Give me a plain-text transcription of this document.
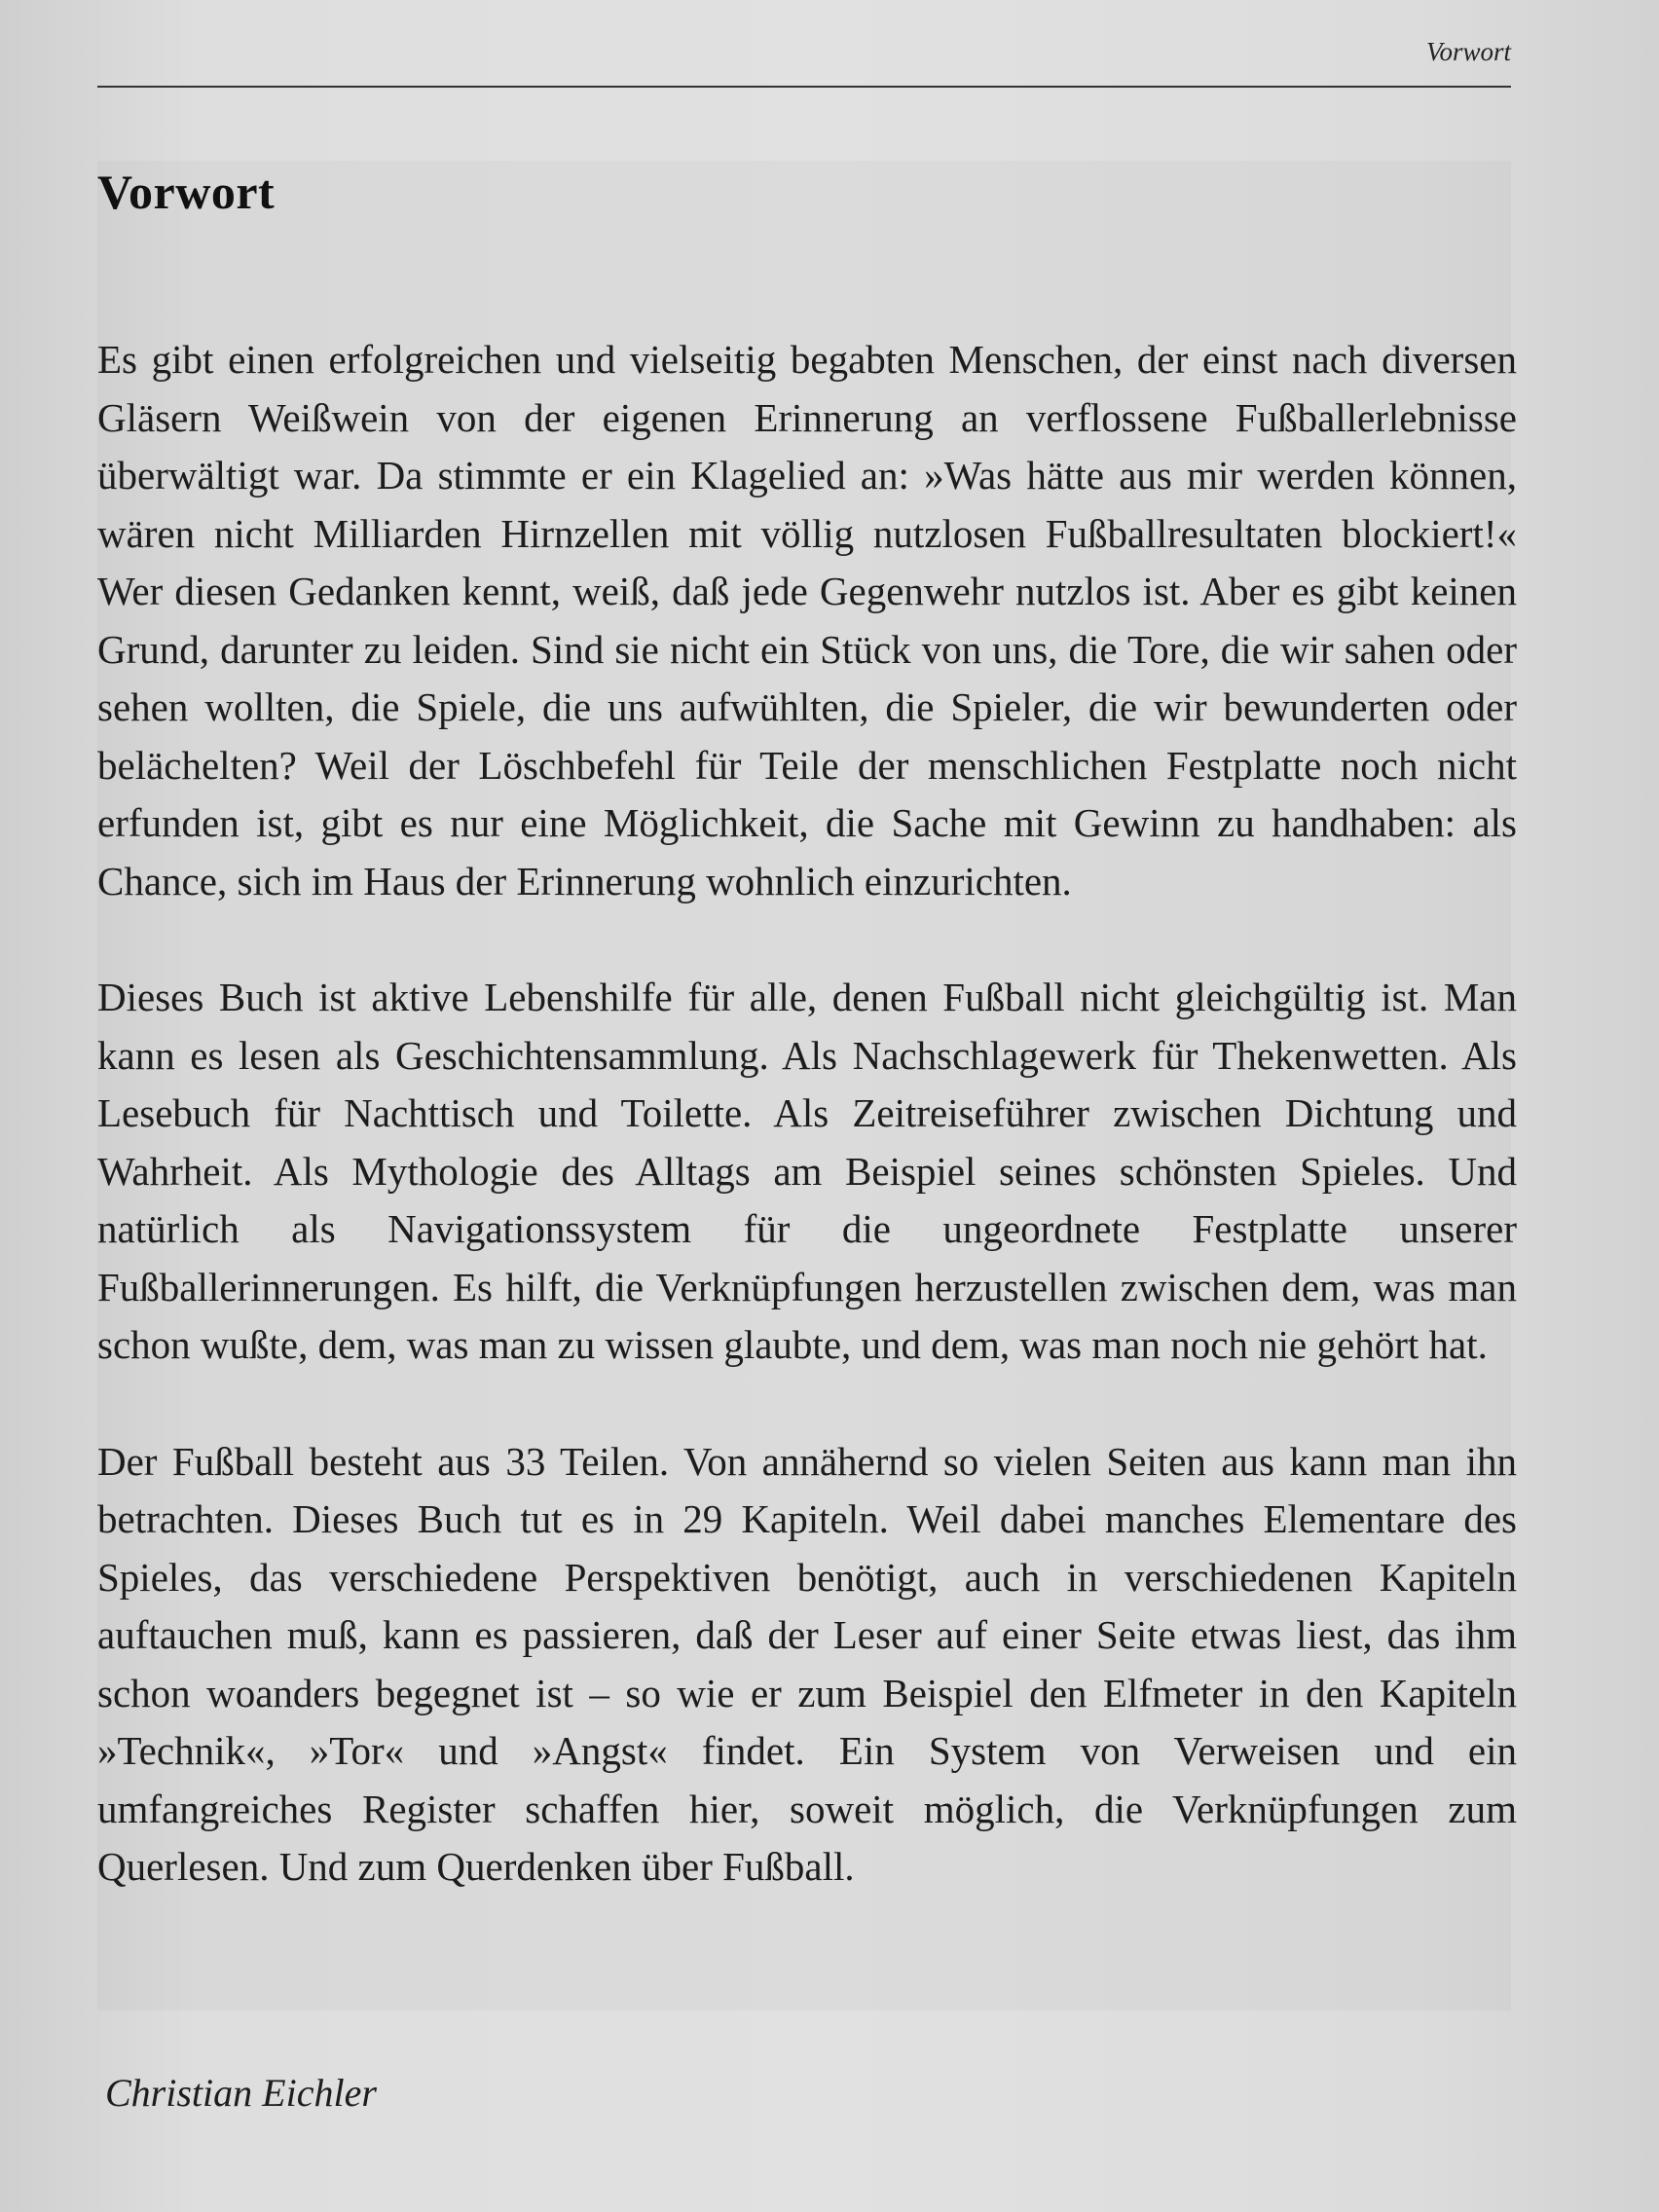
Vorwort
Vorwort

Es gibt einen erfolgreichen und vielseitig begabten Menschen, der einst nach diversen Gläsern Weißwein von der eigenen Erinnerung an verflossene Fußballerlebnisse überwältigt war. Da stimmte er ein Klagelied an: »Was hätte aus mir werden können, wären nicht Milliarden Hirnzellen mit völlig nutzlosen Fußballresultaten blockiert!« Wer diesen Gedanken kennt, weiß, daß jede Gegenwehr nutzlos ist. Aber es gibt keinen Grund, darunter zu leiden. Sind sie nicht ein Stück von uns, die Tore, die wir sahen oder sehen wollten, die Spiele, die uns aufwühlten, die Spieler, die wir bewunderten oder belächelten? Weil der Löschbefehl für Teile der menschlichen Festplatte noch nicht erfunden ist, gibt es nur eine Möglichkeit, die Sache mit Gewinn zu handhaben: als Chance, sich im Haus der Erinnerung wohnlich einzurichten.

Dieses Buch ist aktive Lebenshilfe für alle, denen Fußball nicht gleichgültig ist. Man kann es lesen als Geschichtensammlung. Als Nachschlagewerk für Thekenwetten. Als Lesebuch für Nachttisch und Toilette. Als Zeitreiseführer zwischen Dichtung und Wahrheit. Als Mythologie des Alltags am Beispiel seines schönsten Spieles. Und natürlich als Navigationssystem für die ungeordnete Festplatte unserer Fußballerinnerungen. Es hilft, die Verknüpfungen herzustellen zwischen dem, was man schon wußte, dem, was man zu wissen glaubte, und dem, was man noch nie gehört hat.

Der Fußball besteht aus 33 Teilen. Von annähernd so vielen Seiten aus kann man ihn betrachten. Dieses Buch tut es in 29 Kapiteln. Weil dabei manches Elementare des Spieles, das verschiedene Perspektiven benötigt, auch in verschiedenen Kapiteln auftauchen muß, kann es passieren, daß der Leser auf einer Seite etwas liest, das ihm schon woanders begegnet ist – so wie er zum Beispiel den Elfmeter in den Kapiteln »Technik«, »Tor« und »Angst« findet. Ein System von Verweisen und ein umfangreiches Register schaffen hier, soweit möglich, die Verknüpfungen zum Querlesen. Und zum Querdenken über Fußball.

Christian Eichler
